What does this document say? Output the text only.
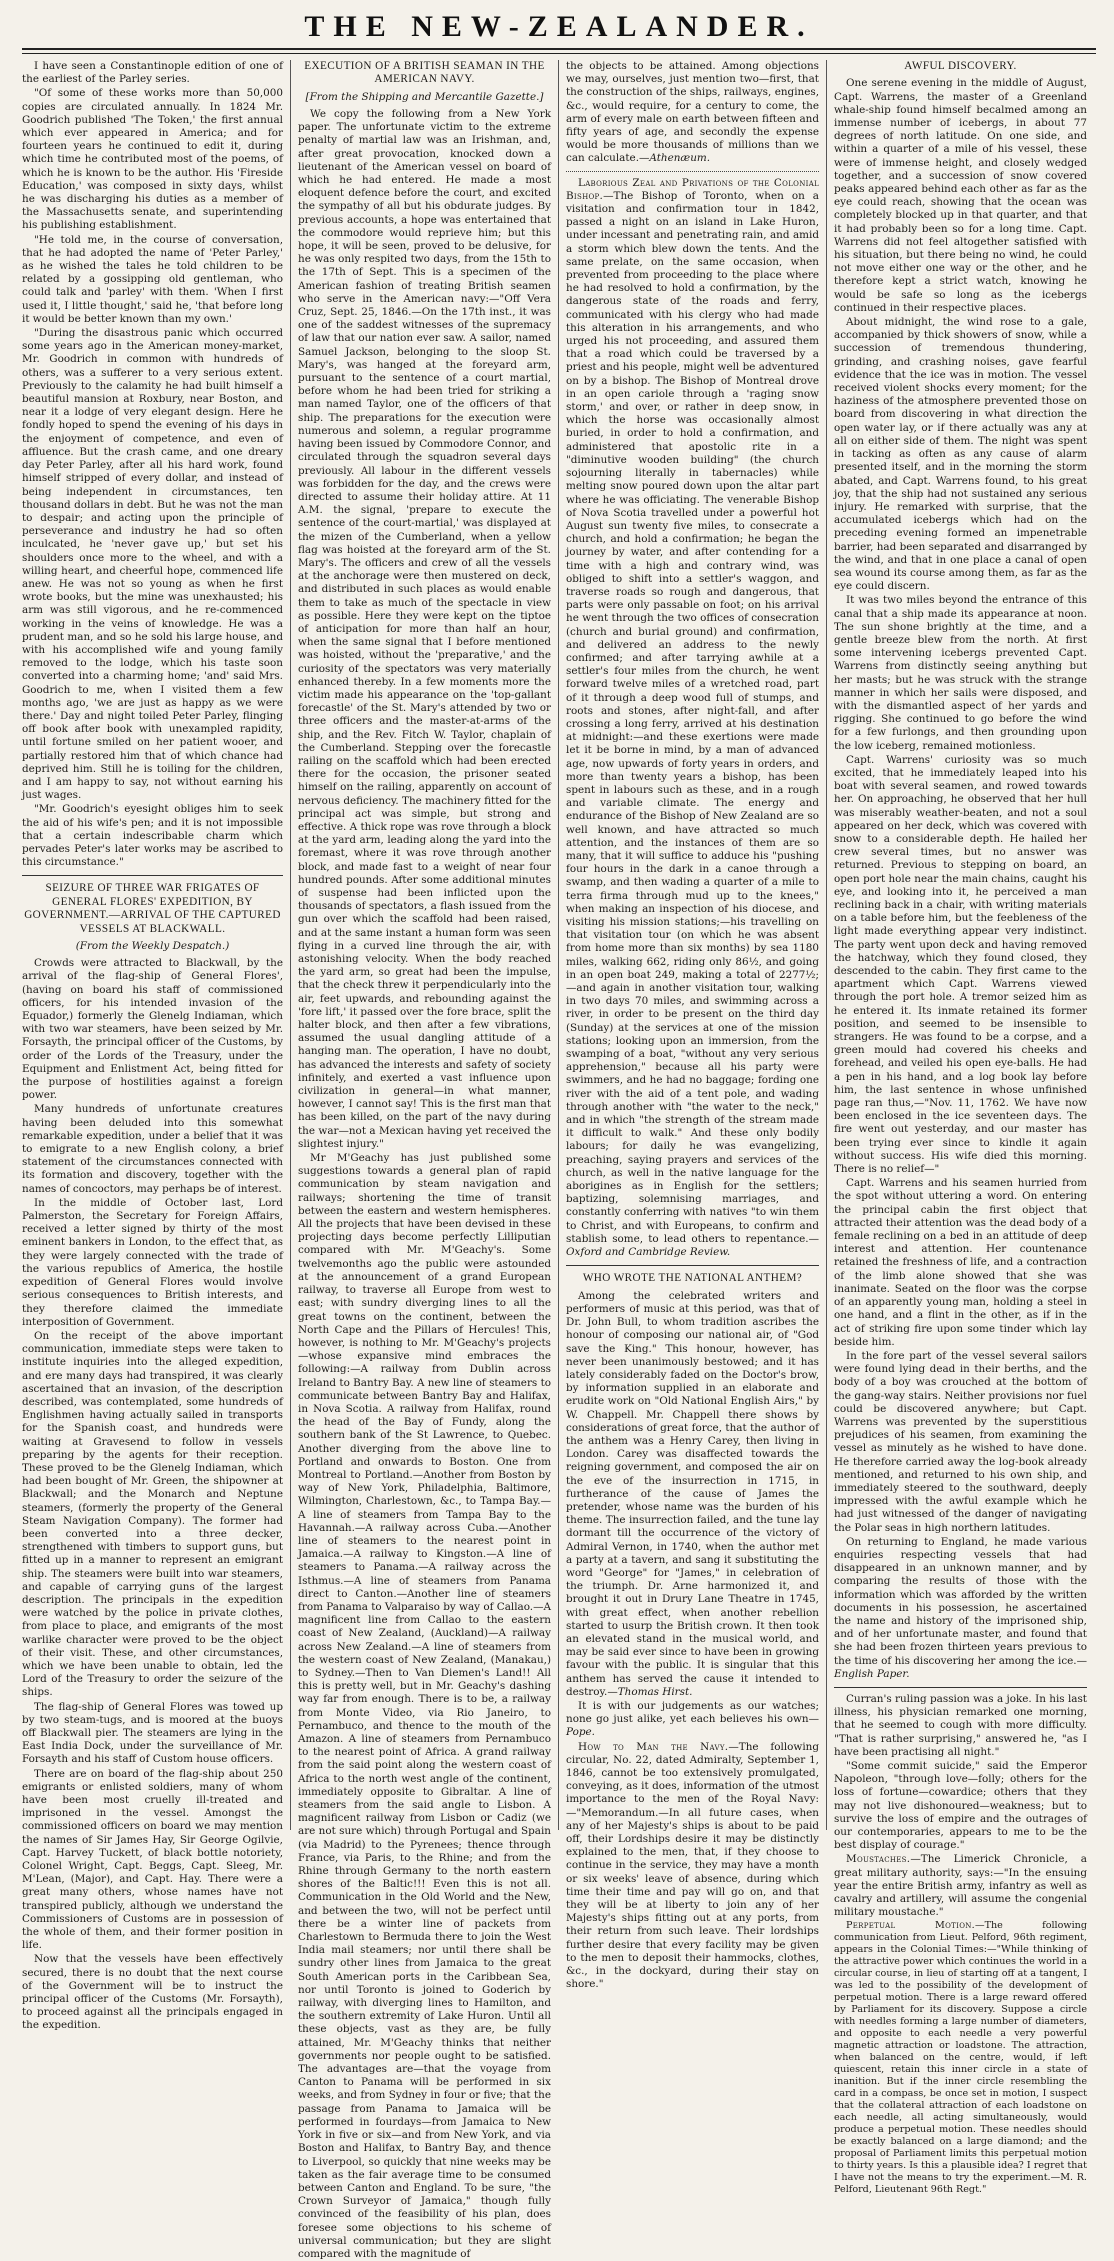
THE NEW-ZEALANDER.

I have seen a Constantinople edition of one of the earliest of the Parley series.

"Of some of these works more than 50,000 copies are circulated annually. In 1824 Mr. Goodrich published 'The Token,' the first annual which ever appeared in America; and for fourteen years he continued to edit it, during which time he contributed most of the poems, of which he is known to be the author. His 'Fireside Education,' was composed in sixty days, whilst he was discharging his duties as a member of the Massachusetts senate, and superintending his publishing establishment.

"He told me, in the course of conversation, that he had adopted the name of 'Peter Parley,' as he wished the tales he told children to be related by a gossipping old gentleman, who could talk and 'parley' with them. 'When I first used it, I little thought,' said he, 'that before long it would be better known than my own.'

"During the disastrous panic which occurred some years ago in the American money-market, Mr. Goodrich in common with hundreds of others, was a sufferer to a very serious extent. Previously to the calamity he had built himself a beautiful mansion at Roxbury, near Boston, and near it a lodge of very elegant design. Here he fondly hoped to spend the evening of his days in the enjoyment of competence, and even of affluence. But the crash came, and one dreary day Peter Parley, after all his hard work, found himself stripped of every dollar, and instead of being independent in circumstances, ten thousand dollars in debt. But he was not the man to despair; and acting upon the principle of perseverance and industry he had so often inculcated, he 'never gave up,' but set his shoulders once more to the wheel, and with a willing heart, and cheerful hope, commenced life anew. He was not so young as when he first wrote books, but the mine was unexhausted; his arm was still vigorous, and he re-commenced working in the veins of knowledge. He was a prudent man, and so he sold his large house, and with his accomplished wife and young family removed to the lodge, which his taste soon converted into a charming home; 'and' said Mrs. Goodrich to me, when I visited them a few months ago, 'we are just as happy as we were there.' Day and night toiled Peter Parley, flinging off book after book with unexampled rapidity, until fortune smiled on her patient wooer, and partially restored him that of which chance had deprived him. Still he is toiling for the children, and I am happy to say, not without earning his just wages.

"Mr. Goodrich's eyesight obliges him to seek the aid of his wife's pen; and it is not impossible that a certain indescribable charm which pervades Peter's later works may be ascribed to this circumstance."

SEIZURE OF THREE WAR FRIGATES OF GENERAL FLORES' EXPEDITION, BY GOVERNMENT.—ARRIVAL OF THE CAPTURED VESSELS AT BLACKWALL.
(From the Weekly Despatch.)

Crowds were attracted to Blackwall, by the arrival of the flag-ship of General Flores', (having on board his staff of commissioned officers, for his intended invasion of the Equador,) formerly the Glenelg Indiaman, which with two war steamers, have been seized by Mr. Forsayth, the principal officer of the Customs, by order of the Lords of the Treasury, under the Equipment and Enlistment Act, being fitted for the purpose of hostilities against a foreign power.

Many hundreds of unfortunate creatures having been deluded into this somewhat remarkable expedition, under a belief that it was to emigrate to a new English colony, a brief statement of the circumstances connected with its formation and discovery, together with the names of concoctors, may perhaps be of interest.

In the middle of October last, Lord Palmerston, the Secretary for Foreign Affairs, received a letter signed by thirty of the most eminent bankers in London, to the effect that, as they were largely connected with the trade of the various republics of America, the hostile expedition of General Flores would involve serious consequences to British interests, and they therefore claimed the immediate interposition of Government.

On the receipt of the above important communication, immediate steps were taken to institute inquiries into the alleged expedition, and ere many days had transpired, it was clearly ascertained that an invasion, of the description described, was contemplated, some hundreds of Englishmen having actually sailed in transports for the Spanish coast, and hundreds were waiting at Gravesend to follow in vessels preparing by the agents for their reception. These proved to be the Glenelg Indiaman, which had been bought of Mr. Green, the shipowner at Blackwall; and the Monarch and Neptune steamers, (formerly the property of the General Steam Navigation Company). The former had been converted into a three decker, strengthened with timbers to support guns, but fitted up in a manner to represent an emigrant ship. The steamers were built into war steamers, and capable of carrying guns of the largest description. The principals in the expedition were watched by the police in private clothes, from place to place, and emigrants of the most warlike character were proved to be the object of their visit. These, and other circumstances, which we have been unable to obtain, led the Lord of the Treasury to order the seizure of the ships.

The flag-ship of General Flores was towed up by two steam-tugs, and is moored at the buoys off Blackwall pier. The steamers are lying in the East India Dock, under the surveillance of Mr. Forsayth and his staff of Custom house officers.

There are on board of the flag-ship about 250 emigrants or enlisted soldiers, many of whom have been most cruelly ill-treated and imprisoned in the vessel. Amongst the commissioned officers on board we may mention the names of Sir James Hay, Sir George Ogilvie, Capt. Harvey Tuckett, of black bottle notoriety, Colonel Wright, Capt. Beggs, Capt. Sleeg, Mr. M'Lean, (Major), and Capt. Hay. There were a great many others, whose names have not transpired publicly, although we understand the Commissioners of Customs are in possession of the whole of them, and their former position in life.

Now that the vessels have been effectively secured, there is no doubt that the next course of the Government will be to instruct the principal officer of the Customs (Mr. Forsayth), to proceed against all the principals engaged in the expedition.

EXECUTION OF A BRITISH SEAMAN IN THE AMERICAN NAVY.
[From the Shipping and Mercantile Gazette.]

We copy the following from a New York paper. The unfortunate victim to the extreme penalty of martial law was an Irishman, and, after great provocation, knocked down a lieutenant of the American vessel on board of which he had entered. He made a most eloquent defence before the court, and excited the sympathy of all but his obdurate judges. By previous accounts, a hope was entertained that the commodore would reprieve him; but this hope, it will be seen, proved to be delusive, for he was only respited two days, from the 15th to the 17th of Sept. This is a specimen of the American fashion of treating British seamen who serve in the American navy:—"Off Vera Cruz, Sept. 25, 1846.—On the 17th inst., it was one of the saddest witnesses of the supremacy of law that our nation ever saw. A sailor, named Samuel Jackson, belonging to the sloop St. Mary's, was hanged at the foreyard arm, pursuant to the sentence of a court martial, before whom he had been tried for striking a man named Taylor, one of the officers of that ship. The preparations for the execution were numerous and solemn, a regular programme having been issued by Commodore Connor, and circulated through the squadron several days previously. All labour in the different vessels was forbidden for the day, and the crews were directed to assume their holiday attire. At 11 A.M. the signal, 'prepare to execute the sentence of the court-martial,' was displayed at the mizen of the Cumberland, when a yellow flag was hoisted at the foreyard arm of the St. Mary's. The officers and crew of all the vessels at the anchorage were then mustered on deck, and distributed in such places as would enable them to take as much of the spectacle in view as possible. Here they were kept on the tiptoe of anticipation for more than half an hour, when the same signal that I before mentioned was hoisted, without the 'preparative,' and the curiosity of the spectators was very materially enhanced thereby. In a few moments more the victim made his appearance on the 'top-gallant forecastle' of the St. Mary's attended by two or three officers and the master-at-arms of the ship, and the Rev. Fitch W. Taylor, chaplain of the Cumberland. Stepping over the forecastle railing on the scaffold which had been erected there for the occasion, the prisoner seated himself on the railing, apparently on account of nervous deficiency. The machinery fitted for the principal act was simple, but strong and effective. A thick rope was rove through a block at the yard arm, leading along the yard into the foremast, where it was rove through another block, and made fast to a weight of near four hundred pounds. After some additional minutes of suspense had been inflicted upon the thousands of spectators, a flash issued from the gun over which the scaffold had been raised, and at the same instant a human form was seen flying in a curved line through the air, with astonishing velocity. When the body reached the yard arm, so great had been the impulse, that the check threw it perpendicularly into the air, feet upwards, and rebounding against the 'fore lift,' it passed over the fore brace, split the halter block, and then after a few vibrations, assumed the usual dangling attitude of a hanging man. The operation, I have no doubt, has advanced the interests and safety of society infinitely, and exerted a vast influence upon civilization in general—in what manner, however, I cannot say! This is the first man that has been killed, on the part of the navy during the war—not a Mexican having yet received the slightest injury."

Mr M'Geachy has just published some suggestions towards a general plan of rapid communication by steam navigation and railways; shortening the time of transit between the eastern and western hemispheres. All the projects that have been devised in these projecting days become perfectly Lilliputian compared with Mr. M'Geachy's. Some twelvemonths ago the public were astounded at the announcement of a grand European railway, to traverse all Europe from west to east; with sundry diverging lines to all the great towns on the continent, between the North Cape and the Pillars of Hercules! This, however, is nothing to Mr. M'Geachy's projects—whose expansive mind embraces the following:—A railway from Dublin across Ireland to Bantry Bay. A new line of steamers to communicate between Bantry Bay and Halifax, in Nova Scotia. A railway from Halifax, round the head of the Bay of Fundy, along the southern bank of the St Lawrence, to Quebec. Another diverging from the above line to Portland and onwards to Boston. One from Montreal to Portland.—Another from Boston by way of New York, Philadelphia, Baltimore, Wilmington, Charlestown, &c., to Tampa Bay.—A line of steamers from Tampa Bay to the Havannah.—A railway across Cuba.—Another line of steamers to the nearest point in Jamaica.—A railway to Kingston.—A line of steamers to Panama.—A railway across the Isthmus.—A line of steamers from Panama direct to Canton.—Another line of steamers from Panama to Valparaiso by way of Callao.—A magnificent line from Callao to the eastern coast of New Zealand, (Auckland)—A railway across New Zealand.—A line of steamers from the western coast of New Zealand, (Manakau,) to Sydney.—Then to Van Diemen's Land!! All this is pretty well, but in Mr. Geachy's dashing way far from enough. There is to be, a railway from Monte Video, via Rio Janeiro, to Pernambuco, and thence to the mouth of the Amazon. A line of steamers from Pernambuco to the nearest point of Africa. A grand railway from the said point along the western coast of Africa to the north west angle of the continent, immediately opposite to Gibraltar. A line of steamers from the said angle to Lisbon. A magnificent railway from Lisbon or Cadiz (we are not sure which) through Portugal and Spain (via Madrid) to the Pyrenees; thence through France, via Paris, to the Rhine; and from the Rhine through Germany to the north eastern shores of the Baltic!!! Even this is not all. Communication in the Old World and the New, and between the two, will not be perfect until there be a winter line of packets from Charlestown to Bermuda there to join the West India mail steamers; nor until there shall be sundry other lines from Jamaica to the great South American ports in the Caribbean Sea, nor until Toronto is joined to Goderich by railway, with diverging lines to Hamilton, and the southern extremity of Lake Huron. Until all these objects, vast as they are, be fully attained, Mr. M'Geachy thinks that neither governments nor people ought to be satisfied. The advantages are—that the voyage from Canton to Panama will be performed in six weeks, and from Sydney in four or five; that the passage from Panama to Jamaica will be performed in fourdays—from Jamaica to New York in five or six—and from New York, and via Boston and Halifax, to Bantry Bay, and thence to Liverpool, so quickly that nine weeks may be taken as the fair average time to be consumed between Canton and England. To be sure, "the Crown Surveyor of Jamaica," though fully convinced of the feasibility of his plan, does foresee some objections to his scheme of universal communication; but they are slight compared with the magnitude of

the objects to be attained. Among objections we may, ourselves, just mention two—first, that the construction of the ships, railways, engines, &c., would require, for a century to come, the arm of every male on earth between fifteen and fifty years of age, and secondly the expense would be more thousands of millions than we can calculate.—Athenæum.

Laborious Zeal and Privations of the Colonial Bishop.—The Bishop of Toronto, when on a visitation and confirmation tour in 1842, passed a night on an island in Lake Huron, under incessant and penetrating rain, and amid a storm which blew down the tents. And the same prelate, on the same occasion, when prevented from proceeding to the place where he had resolved to hold a confirmation, by the dangerous state of the roads and ferry, communicated with his clergy who had made this alteration in his arrangements, and who urged his not proceeding, and assured them that a road which could be traversed by a priest and his people, might well be adventured on by a bishop. The Bishop of Montreal drove in an open cariole through a 'raging snow storm,' and over, or rather in deep snow, in which the horse was occasionally almost buried, in order to hold a confirmation, and administered that apostolic rite in a "diminutive wooden building" (the church sojourning literally in tabernacles) while melting snow poured down upon the altar part where he was officiating. The venerable Bishop of Nova Scotia travelled under a powerful hot August sun twenty five miles, to consecrate a church, and hold a confirmation; he began the journey by water, and after contending for a time with a high and contrary wind, was obliged to shift into a settler's waggon, and traverse roads so rough and dangerous, that parts were only passable on foot; on his arrival he went through the two offices of consecration (church and burial ground) and confirmation, and delivered an address to the newly confirmed; and after tarrying awhile at a settler's four miles from the church, he went forward twelve miles of a wretched road, part of it through a deep wood full of stumps, and roots and stones, after night-fall, and after crossing a long ferry, arrived at his destination at midnight:—and these exertions were made let it be borne in mind, by a man of advanced age, now upwards of forty years in orders, and more than twenty years a bishop, has been spent in labours such as these, and in a rough and variable climate. The energy and endurance of the Bishop of New Zealand are so well known, and have attracted so much attention, and the instances of them are so many, that it will suffice to adduce his "pushing four hours in the dark in a canoe through a swamp, and then wading a quarter of a mile to terra firma through mud up to the knees," when making an inspection of his diocese, and visiting his mission stations;—his travelling on that visitation tour (on which he was absent from home more than six months) by sea 1180 miles, walking 662, riding only 86½, and going in an open boat 249, making a total of 2277½;—and again in another visitation tour, walking in two days 70 miles, and swimming across a river, in order to be present on the third day (Sunday) at the services at one of the mission stations; looking upon an immersion, from the swamping of a boat, "without any very serious apprehension," because all his party were swimmers, and he had no baggage; fording one river with the aid of a tent pole, and wading through another with "the water to the neck," and in which "the strength of the stream made it difficult to walk." And these only bodily labours; for daily he was evangelizing, preaching, saying prayers and services of the church, as well in the native language for the aborigines as in English for the settlers; baptizing, solemnising marriages, and constantly conferring with natives "to win them to Christ, and with Europeans, to confirm and stablish some, to lead others to repentance.—Oxford and Cambridge Review.

WHO WROTE THE NATIONAL ANTHEM?

Among the celebrated writers and performers of music at this period, was that of Dr. John Bull, to whom tradition ascribes the honour of composing our national air, of "God save the King." This honour, however, has never been unanimously bestowed; and it has lately considerably faded on the Doctor's brow, by information supplied in an elaborate and erudite work on "Old National English Airs," by W. Chappell. Mr. Chappell there shows by considerations of great force, that the author of the anthem was a Henry Carey, then living in London. Carey was disaffected towards the reigning government, and composed the air on the eve of the insurrection in 1715, in furtherance of the cause of James the pretender, whose name was the burden of his theme. The insurrection failed, and the tune lay dormant till the occurrence of the victory of Admiral Vernon, in 1740, when the author met a party at a tavern, and sang it substituting the word "George" for "James," in celebration of the triumph. Dr. Arne harmonized it, and brought it out in Drury Lane Theatre in 1745, with great effect, when another rebellion started to usurp the British crown. It then took an elevated stand in the musical world, and may be said ever since to have been in growing favour with the public. It is singular that this anthem has served the cause it intended to destroy.—Thomas Hirst.

It is with our judgements as our watches; none go just alike, yet each believes his own—Pope.

How to Man the Navy.—The following circular, No. 22, dated Admiralty, September 1, 1846, cannot be too extensively promulgated, conveying, as it does, information of the utmost importance to the men of the Royal Navy:—"Memorandum.—In all future cases, when any of her Majesty's ships is about to be paid off, their Lordships desire it may be distinctly explained to the men, that, if they choose to continue in the service, they may have a month or six weeks' leave of absence, during which time their time and pay will go on, and that they will be at liberty to join any of her Majesty's ships fitting out at any ports, from their return from such leave. Their lordships further desire that every facility may be given to the men to deposit their hammocks, clothes, &c., in the dockyard, during their stay on shore."

AWFUL DISCOVERY.

One serene evening in the middle of August, Capt. Warrens, the master of a Greenland whale-ship found himself becalmed among an immense number of icebergs, in about 77 degrees of north latitude. On one side, and within a quarter of a mile of his vessel, these were of immense height, and closely wedged together, and a succession of snow covered peaks appeared behind each other as far as the eye could reach, showing that the ocean was completely blocked up in that quarter, and that it had probably been so for a long time. Capt. Warrens did not feel altogether satisfied with his situation, but there being no wind, he could not move either one way or the other, and he therefore kept a strict watch, knowing he would be safe so long as the icebergs continued in their respective places.

About midnight, the wind rose to a gale, accompanied by thick showers of snow, while a succession of tremendous thundering, grinding, and crashing noises, gave fearful evidence that the ice was in motion. The vessel received violent shocks every moment; for the haziness of the atmosphere prevented those on board from discovering in what direction the open water lay, or if there actually was any at all on either side of them. The night was spent in tacking as often as any cause of alarm presented itself, and in the morning the storm abated, and Capt. Warrens found, to his great joy, that the ship had not sustained any serious injury. He remarked with surprise, that the accumulated icebergs which had on the preceding evening formed an impenetrable barrier, had been separated and disarranged by the wind, and that in one place a canal of open sea wound its course among them, as far as the eye could discern.

It was two miles beyond the entrance of this canal that a ship made its appearance at noon. The sun shone brightly at the time, and a gentle breeze blew from the north. At first some intervening icebergs prevented Capt. Warrens from distinctly seeing anything but her masts; but he was struck with the strange manner in which her sails were disposed, and with the dismantled aspect of her yards and rigging. She continued to go before the wind for a few furlongs, and then grounding upon the low iceberg, remained motionless.

Capt. Warrens' curiosity was so much excited, that he immediately leaped into his boat with several seamen, and rowed towards her. On approaching, he observed that her hull was miserably weather-beaten, and not a soul appeared on her deck, which was covered with snow to a considerable depth. He hailed her crew several times, but no answer was returned. Previous to stepping on board, an open port hole near the main chains, caught his eye, and looking into it, he perceived a man reclining back in a chair, with writing materials on a table before him, but the feebleness of the light made everything appear very indistinct. The party went upon deck and having removed the hatchway, which they found closed, they descended to the cabin. They first came to the apartment which Capt. Warrens viewed through the port hole. A tremor seized him as he entered it. Its inmate retained its former position, and seemed to be insensible to strangers. He was found to be a corpse, and a green mould had covered his cheeks and forehead, and veiled his open eye-balls. He had a pen in his hand, and a log book lay before him, the last sentence in whose unfinished page ran thus,—"Nov. 11, 1762. We have now been enclosed in the ice seventeen days. The fire went out yesterday, and our master has been trying ever since to kindle it again without success. His wife died this morning. There is no relief—"

Capt. Warrens and his seamen hurried from the spot without uttering a word. On entering the principal cabin the first object that attracted their attention was the dead body of a female reclining on a bed in an attitude of deep interest and attention. Her countenance retained the freshness of life, and a contraction of the limb alone showed that she was inanimate. Seated on the floor was the corpse of an apparently young man, holding a steel in one hand, and a flint in the other, as if in the act of striking fire upon some tinder which lay beside him.

In the fore part of the vessel several sailors were found lying dead in their berths, and the body of a boy was crouched at the bottom of the gang-way stairs. Neither provisions nor fuel could be discovered anywhere; but Capt. Warrens was prevented by the superstitious prejudices of his seamen, from examining the vessel as minutely as he wished to have done. He therefore carried away the log-book already mentioned, and returned to his own ship, and immediately steered to the southward, deeply impressed with the awful example which he had just witnessed of the danger of navigating the Polar seas in high northern latitudes.

On returning to England, he made various enquiries respecting vessels that had disappeared in an unknown manner, and by comparing the results of those with the information which was afforded by the written documents in his possession, he ascertained the name and history of the imprisoned ship, and of her unfortunate master, and found that she had been frozen thirteen years previous to the time of his discovering her among the ice.—English Paper.

Curran's ruling passion was a joke. In his last illness, his physician remarked one morning, that he seemed to cough with more difficulty. "That is rather surprising," answered he, "as I have been practising all night."

"Some commit suicide," said the Emperor Napoleon, "through love—folly; others for the loss of fortune—cowardice; others that they may not live dishonoured—weakness; but to survive the loss of empire and the outrages of our contemporaries, appears to me to be the best display of courage."

Moustaches.—The Limerick Chronicle, a great military authority, says:—"In the ensuing year the entire British army, infantry as well as cavalry and artillery, will assume the congenial military moustache."

Perpetual Motion.—The following communication from Lieut. Pelford, 96th regiment, appears in the Colonial Times:—"While thinking of the attractive power which continues the world in a circular course, in lieu of starting off at a tangent, I was led to the possibility of the development of perpetual motion. There is a large reward offered by Parliament for its discovery. Suppose a circle with needles forming a large number of diameters, and opposite to each needle a very powerful magnetic attraction or loadstone. The attraction, when balanced on the centre, would, if left quiescent, retain this inner circle in a state of inanition. But if the inner circle resembling the card in a compass, be once set in motion, I suspect that the collateral attraction of each loadstone on each needle, all acting simultaneously, would produce a perpetual motion. These needles should be exactly balanced on a large diamond; and the proposal of Parliament limits this perpetual motion to thirty years. Is this a plausible idea? I regret that I have not the means to try the experiment.—M. R. Pelford, Lieutenant 96th Regt."
